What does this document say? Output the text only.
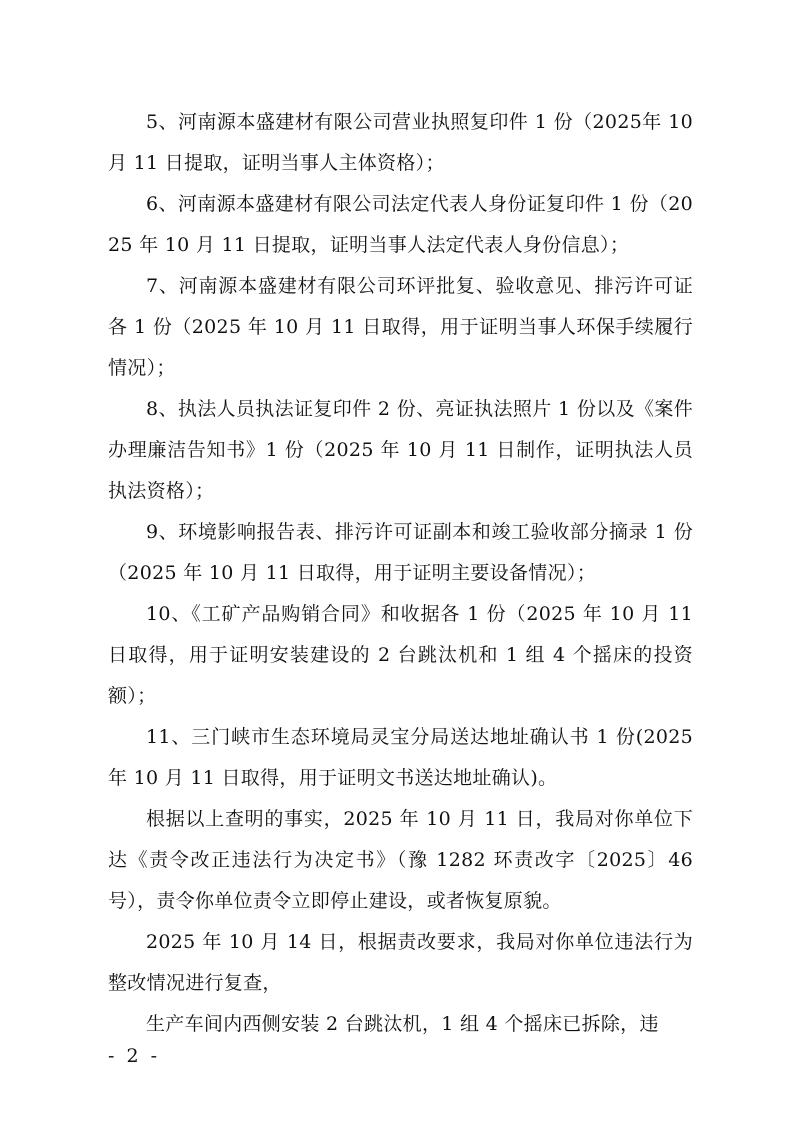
5、河南源本盛建材有限公司营业执照复印件 1 份（2025年 10 月 11 日提取，证明当事人主体资格）；

6、河南源本盛建材有限公司法定代表人身份证复印件 1 份（2025 年 10 月 11 日提取，证明当事人法定代表人身份信息）；

7、河南源本盛建材有限公司环评批复、验收意见、排污许可证各 1 份（2025 年 10 月 11 日取得，用于证明当事人环保手续履行情况）；

8、执法人员执法证复印件 2 份、亮证执法照片 1 份以及《案件办理廉洁告知书》1 份（2025 年 10 月 11 日制作，证明执法人员执法资格）；

9、环境影响报告表、排污许可证副本和竣工验收部分摘录 1 份（2025 年 10 月 11 日取得，用于证明主要设备情况）；

10、《工矿产品购销合同》和收据各 1 份（2025 年 10 月 11 日取得，用于证明安装建设的 2 台跳汰机和 1 组 4 个摇床的投资额）；

11、三门峡市生态环境局灵宝分局送达地址确认书 1 份(2025 年 10 月 11 日取得，用于证明文书送达地址确认)。

根据以上查明的事实，2025 年 10 月 11 日，我局对你单位下达《责令改正违法行为决定书》（豫 1282 环责改字〔2025〕46 号），责令你单位责令立即停止建设，或者恢复原貌。

2025 年 10 月 14 日，根据责改要求，我局对你单位违法行为整改情况进行复查，

生产车间内西侧安装 2 台跳汰机，1 组 4 个摇床已拆除，违

- 2 -
